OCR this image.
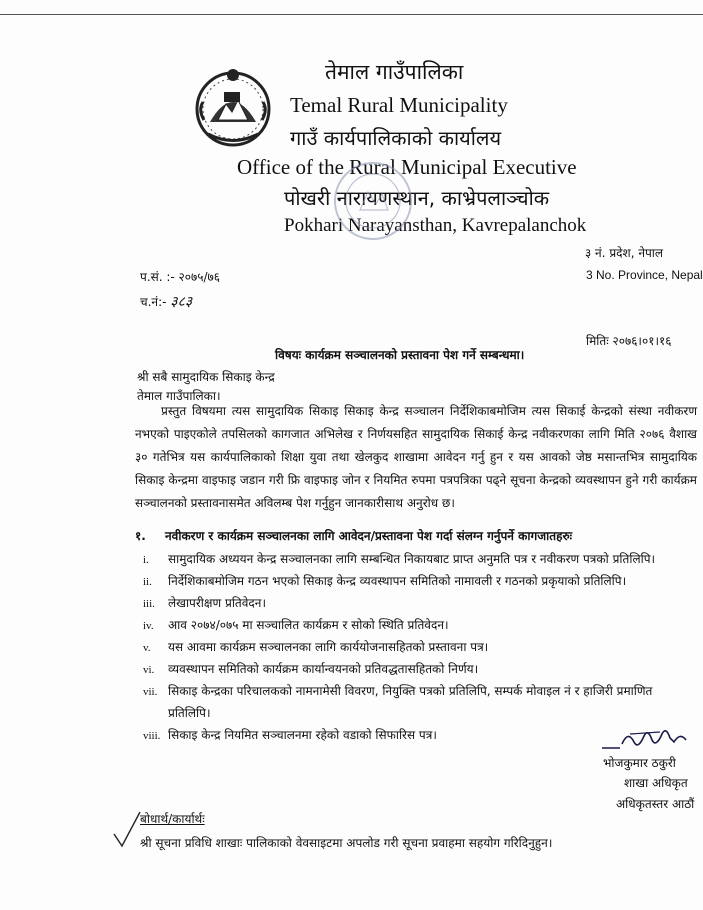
तेमाल गाउँपालिका
Temal Rural Municipality
गाउँ कार्यपालिकाको कार्यालय
Office of the Rural Municipal Executive
पोखरी नारायणस्थान, काभ्रेपलाञ्चोक
Pokhari Narayansthan, Kavrepalanchok
३ नं. प्रदेश, नेपाल
3 No. Province, Nepal
प.सं. :- २०७५/७६
च.नं:- ३८३
मितिः २०७६।०१।१६
विषयः कार्यक्रम सञ्चालनको प्रस्तावना पेश गर्ने सम्बन्धमा।
श्री सबै सामुदायिक सिकाइ केन्द्र
तेमाल गाउँपालिका।

प्रस्तुत विषयमा त्यस सामुदायिक सिकाइ सिकाइ केन्द्र सञ्चालन निर्देशिकाबमोजिम त्यस सिकाई केन्द्रको संस्था नवीकरण नभएको पाइएकोले तपसिलको कागजात अभिलेख र निर्णयसहित सामुदायिक सिकाई केन्द्र नवीकरणका लागि मिति २०७६ वैशाख ३० गतेभित्र यस कार्यपालिकाको शिक्षा युवा तथा खेलकुद शाखामा आवेदन गर्नु हुन र यस आवको जेष्ठ मसान्तभित्र सामुदायिक सिकाइ केन्द्रमा वाइफाइ जडान गरी फ्रि वाइफाइ जोन र नियमित रुपमा पत्रपत्रिका पढ्ने सूचना केन्द्रको व्यवस्थापन हुने गरी कार्यक्रम सञ्चालनको प्रस्तावनासमेत अविलम्ब पेश गर्नुहुन जानकारीसाथ अनुरोध छ।

१. नवीकरण र कार्यक्रम सञ्चालनका लागि आवेदन/प्रस्तावना पेश गर्दा संलग्न गर्नुपर्ने कागजातहरुः
i. सामुदायिक अध्ययन केन्द्र सञ्चालनका लागि सम्बन्धित निकायबाट प्राप्त अनुमति पत्र र नवीकरण पत्रको प्रतिलिपि।
ii. निर्देशिकाबमोजिम गठन भएको सिकाइ केन्द्र व्यवस्थापन समितिको नामावली र गठनको प्रकृयाको प्रतिलिपि।
iii. लेखापरीक्षण प्रतिवेदन।
iv. आव २०७४/०७५ मा सञ्चालित कार्यक्रम र सोको स्थिति प्रतिवेदन।
v. यस आवमा कार्यक्रम सञ्चालनका लागि कार्ययोजनासहितको प्रस्तावना पत्र।
vi. व्यवस्थापन समितिको कार्यक्रम कार्यान्वयनको प्रतिवद्धतासहितको निर्णय।
vii. सिकाइ केन्द्रका परिचालकको नामनामेसी विवरण, नियुक्ति पत्रको प्रतिलिपि, सम्पर्क मोवाइल नं र हाजिरी प्रमाणित
प्रतिलिपि।
viii. सिकाइ केन्द्र नियमित सञ्चालनमा रहेको वडाको सिफारिस पत्र।
भोजकुमार ठकुरी
शाखा अधिकृत
अधिकृतस्तर आठौं
बोधार्थ/कार्यार्थः
श्री सूचना प्रविधि शाखाः पालिकाको वेवसाइटमा अपलोड गरी सूचना प्रवाहमा सहयोग गरिदिनुहुन।
